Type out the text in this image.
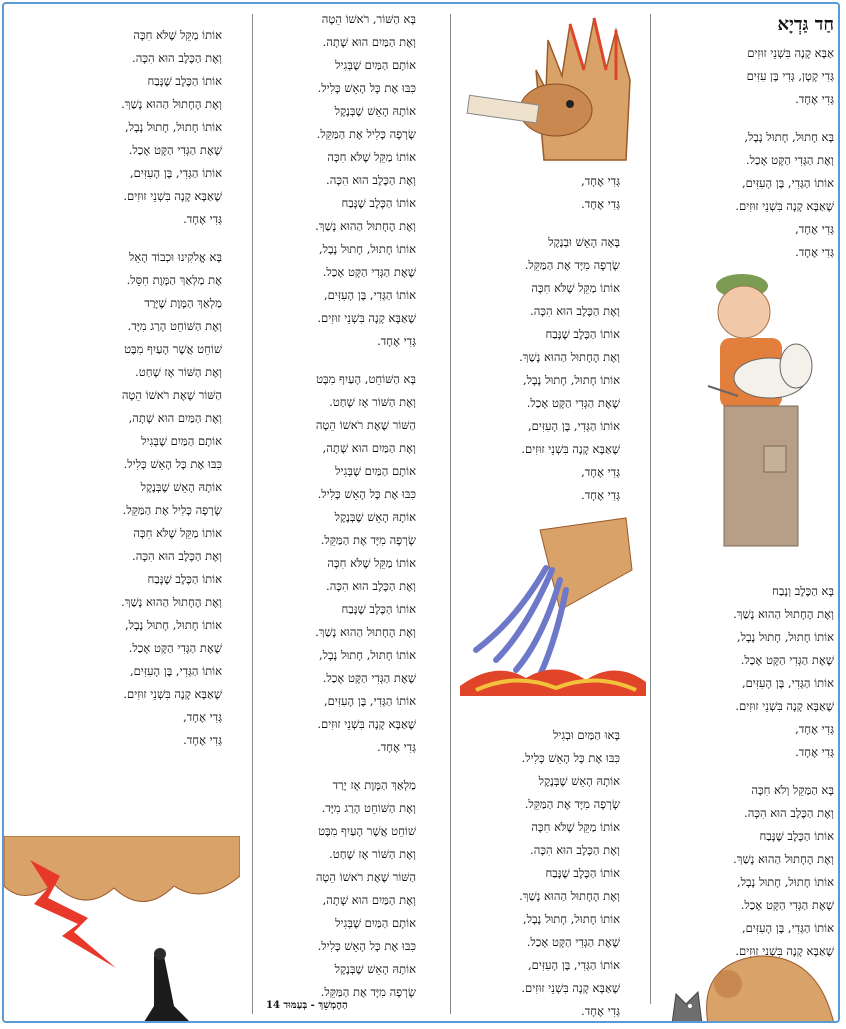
חַד גַּדְיָא
אַבָּא קָנָה בִּשְׁנֵי זוּזִים
גְּדִי קָטָן, גְּדִי בֶּן עִזִּים
גְּדִי אֶחָד.
בָּא חָתוּל, חָתוּל נָבָל,
וְאֶת הַגְּדִי הַקָּט אָכַל.
אוֹתוֹ הַגְּדִי, בֶּן הָעִזִּים,
שֶׁאַבָּא קָנָה בִּשְׁנֵי זוּזִים.
גְּדִי אֶחָד,
גְּדִי אֶחָד.
בָּא הַכֶּלֶב וְנָבַח
וְאֶת הֶחָתוּל הַהוּא נָשַׁךְ.
אוֹתוֹ חָתוּל, חָתוּל נָבָל,
שֶׁאֶת הַגְּדִי הַקָּט אָכַל.
אוֹתוֹ הַגְּדִי, בֶּן הָעִזִּים,
שֶׁאַבָּא קָנָה בִּשְׁנֵי זוּזִים.
גְּדִי אֶחָד,
גְּדִי אֶחָד.
בָּא הַמַּקֵּל וְלֹא חִכָּה
וְאֶת הַכֶּלֶב הוּא הִכָּה.
אוֹתוֹ הַכֶּלֶב שֶׁנָּבַח
וְאֶת הֶחָתוּל הַהוּא נָשַׁךְ.
אוֹתוֹ חָתוּל, חָתוּל נָבָל,
שֶׁאֶת הַגְּדִי הַקָּט אָכַל.
אוֹתוֹ הַגְּדִי, בֶּן הָעִזִּים,
שֶׁאַבָּא קָנָה בִּשְׁנֵי זוּזִים.
גְּדִי אֶחָד,
גְּדִי אֶחָד.
בָּאָה הָאֵשׁ וּבְנֶקֶל
שָׂרְפָה מִיָּד אֶת הַמַּקֵּל.
אוֹתוֹ מַקֵּל שֶׁלֹּא חִכָּה
וְאֶת הַכֶּלֶב הוּא הִכָּה.
אוֹתוֹ הַכֶּלֶב שֶׁנָּבַח
וְאֶת הֶחָתוּל הַהוּא נָשַׁךְ.
אוֹתוֹ חָתוּל, חָתוּל נָבָל,
שֶׁאֶת הַגְּדִי הַקָּט אָכַל.
אוֹתוֹ הַגְּדִי, בֶּן הָעִזִּים,
שֶׁאַבָּא קָנָה בִּשְׁנֵי זוּזִים.
גְּדִי אֶחָד,
גְּדִי אֶחָד.
בָּאוּ הַמַּיִם וּבְגִיל
כִּבּוּ אֶת כָּל הָאֵשׁ כָּלִיל.
אוֹתָהּ הָאֵשׁ שֶׁבְּנֶקֶל
שָׂרְפָה מִיָּד אֶת הַמַּקֵּל.
אוֹתוֹ מַקֵּל שֶׁלֹּא חִכָּה
וְאֶת הַכֶּלֶב הוּא הִכָּה.
אוֹתוֹ הַכֶּלֶב שֶׁנָּבַח
וְאֶת הֶחָתוּל הַהוּא נָשַׁךְ.
אוֹתוֹ חָתוּל, חָתוּל נָבָל,
שֶׁאֶת הַגְּדִי הַקָּט אָכַל.
אוֹתוֹ הַגְּדִי, בֶּן הָעִזִּים,
שֶׁאַבָּא קָנָה בִּשְׁנֵי זוּזִים.
גְּדִי אֶחָד.
בָּא הַשּׁוֹר, רֹאשׁוֹ הֵטָה
וְאֶת הַמַּיִם הוּא שָׁתָה.
אוֹתָם הַמַּיִם שֶׁבְּגִיל
כִּבּוּ אֶת כָּל הָאֵשׁ כָּלִיל.
אוֹתָהּ הָאֵשׁ שֶׁבְּנֶקֶל
שָׂרְפָה כָּלִיל אֶת הַמַּקֵּל.
אוֹתוֹ מַקֵּל שֶׁלֹּא חִכָּה
וְאֶת הַכֶּלֶב הוּא הִכָּה.
אוֹתוֹ הַכֶּלֶב שֶׁנָּבַח
וְאֶת הֶחָתוּל הַהוּא נָשַׁךְ.
אוֹתוֹ חָתוּל, חָתוּל נָבָל,
שֶׁאֶת הַגְּדִי הַקָּט אָכַל.
אוֹתוֹ הַגְּדִי, בֶּן הָעִזִּים,
שֶׁאַבָּא קָנָה בִּשְׁנֵי זוּזִים.
גְּדִי אֶחָד.
בָּא הַשּׁוֹחֵט, הָעַיִף מִבֶּט
וְאֶת הַשּׁוֹר אָז שָׁחַט.
הַשּׁוֹר שֶׁאֶת רֹאשׁוֹ הֵטָה
וְאֶת הַמַּיִם הוּא שָׁתָה,
אוֹתָם הַמַּיִם שֶׁבְּגִיל
כִּבּוּ אֶת כָּל הָאֵשׁ כָּלִיל.
אוֹתָהּ הָאֵשׁ שֶׁבְּנֶקֶל
שָׂרְפָה מִיָּד אֶת הַמַּקֵּל.
אוֹתוֹ מַקֵּל שֶׁלֹּא חִכָּה
וְאֶת הַכֶּלֶב הוּא הִכָּה.
אוֹתוֹ הַכֶּלֶב שֶׁנָּבַח
וְאֶת הֶחָתוּל הַהוּא נָשַׁךְ.
אוֹתוֹ חָתוּל, חָתוּל נָבָל,
שֶׁאֶת הַגְּדִי הַקָּט אָכַל.
אוֹתוֹ הַגְּדִי, בֶּן הָעִזִּים,
שֶׁאַבָּא קָנָה בִּשְׁנֵי זוּזִים.
גְּדִי אֶחָד.
מַלְאַךְ הַמָּוֶת אָז יָרַד
וְאֶת הַשּׁוֹחֵט הָרַג מִיָּד.
שׁוֹחֵט אֲשֶׁר הָעַיִף מִבֶּט
וְאֶת הַשּׁוֹר אָז שָׁחַט.
הַשּׁוֹר שֶׁאֶת רֹאשׁוֹ הֵטָה
וְאֶת הַמַּיִם הוּא שָׁתָה,
אוֹתָם הַמַּיִם שֶׁבְּגִיל
כִּבּוּ אֶת כָּל הָאֵשׁ כָּלִיל.
אוֹתָהּ הָאֵשׁ שֶׁבְּנֶקֶל
שָׂרְפָה מִיָּד אֶת הַמַּקֵּל.
הַהֶמְשֵׁךְ - בְּעַמּוּד 14
אוֹתוֹ מַקֵּל שֶׁלֹּא חִכָּה
וְאֶת הַכֶּלֶב הוּא הִכָּה.
אוֹתוֹ הַכֶּלֶב שֶׁנָּבַח
וְאֶת הֶחָתוּל הַהוּא נָשַׁךְ.
אוֹתוֹ חָתוּל, חָתוּל נָבָל,
שֶׁאֶת הַגְּדִי הַקָּט אָכַל.
אוֹתוֹ הַגְּדִי, בֶּן הָעִזִּים,
שֶׁאַבָּא קָנָה בִּשְׁנֵי זוּזִים.
גְּדִי אֶחָד.
בָּא אֱלֹקִינוּ וּכְבוֹד הָאֵל
אֶת מַלְאַךְ הַמָּוֶת חִסֵּל.
מַלְאַךְ הַמָּוֶת שֶׁיָּרַד
וְאֶת הַשּׁוֹחֵט הָרַג מִיָּד.
שׁוֹחֵט אֲשֶׁר הָעַיִף מִבֶּט
וְאֶת הַשּׁוֹר אָז שָׁחַט.
הַשּׁוֹר שֶׁאֶת רֹאשׁוֹ הֵטָה
וְאֶת הַמַּיִם הוּא שָׁתָה,
אוֹתָם הַמַּיִם שֶׁבְּגִיל
כִּבּוּ אֶת כָּל הָאֵשׁ כָּלִיל.
אוֹתָהּ הָאֵשׁ שֶׁבְּנֶקֶל
שָׂרְפָה כָּלִיל אֶת הַמַּקֵּל.
אוֹתוֹ מַקֵּל שֶׁלֹּא חִכָּה
וְאֶת הַכֶּלֶב הוּא הִכָּה.
אוֹתוֹ הַכֶּלֶב שֶׁנָּבַח
וְאֶת הֶחָתוּל הַהוּא נָשַׁךְ.
אוֹתוֹ חָתוּל, חָתוּל נָבָל,
שֶׁאֶת הַגְּדִי הַקָּט אָכַל.
אוֹתוֹ הַגְּדִי, בֶּן הָעִזִּים,
שֶׁאַבָּא קָנָה בִּשְׁנֵי זוּזִים.
גְּדִי אֶחָד,
גְּדִי אֶחָד.
